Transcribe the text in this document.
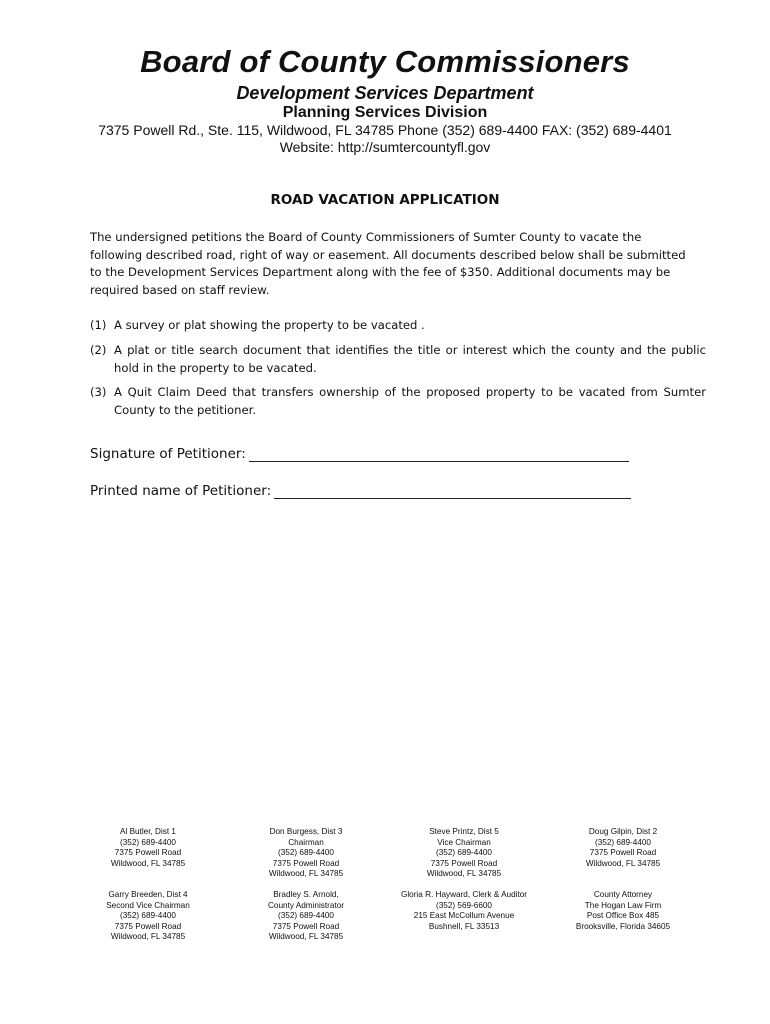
Board of County Commissioners
Development Services Department
Planning Services Division
7375 Powell Rd., Ste. 115, Wildwood, FL 34785 Phone (352) 689-4400 FAX: (352) 689-4401
Website: http://sumtercountyfl.gov
ROAD VACATION APPLICATION

The undersigned petitions the Board of County Commissioners of Sumter County to vacate the following described road, right of way or easement. All documents described below shall be submitted to the Development Services Department along with the fee of $350. Additional documents may be required based on staff review.

(1) A survey or plat showing the property to be vacated .

(2) A plat or title search document that identifies the title or interest which the county and the public hold in the property to be vacated.

(3) A Quit Claim Deed that transfers ownership of the proposed property to be vacated from Sumter County to the petitioner.

Signature of Petitioner:
Printed name of Petitioner:
Al Butler, Dist 1
(352) 689-4400
7375 Powell Road
Wildwood, FL 34785
Don Burgess, Dist 3
Chairman
(352) 689-4400
7375 Powell Road
Wildwood, FL 34785
Steve Printz, Dist 5
Vice Chairman
(352) 689-4400
7375 Powell Road
Wildwood, FL 34785
Doug Gilpin, Dist 2
(352) 689-4400
7375 Powell Road
Wildwood, FL 34785
Garry Breeden, Dist 4
Second Vice Chairman
(352) 689-4400
7375 Powell Road
Wildwood, FL 34785
Bradley S. Arnold,
County Administrator
(352) 689-4400
7375 Powell Road
Wildwood, FL 34785
Gloria R. Hayward, Clerk & Auditor
(352) 569-6600
215 East McCollum Avenue
Bushnell, FL 33513
County Attorney
The Hogan Law Firm
Post Office Box 485
Brooksville, Florida 34605
